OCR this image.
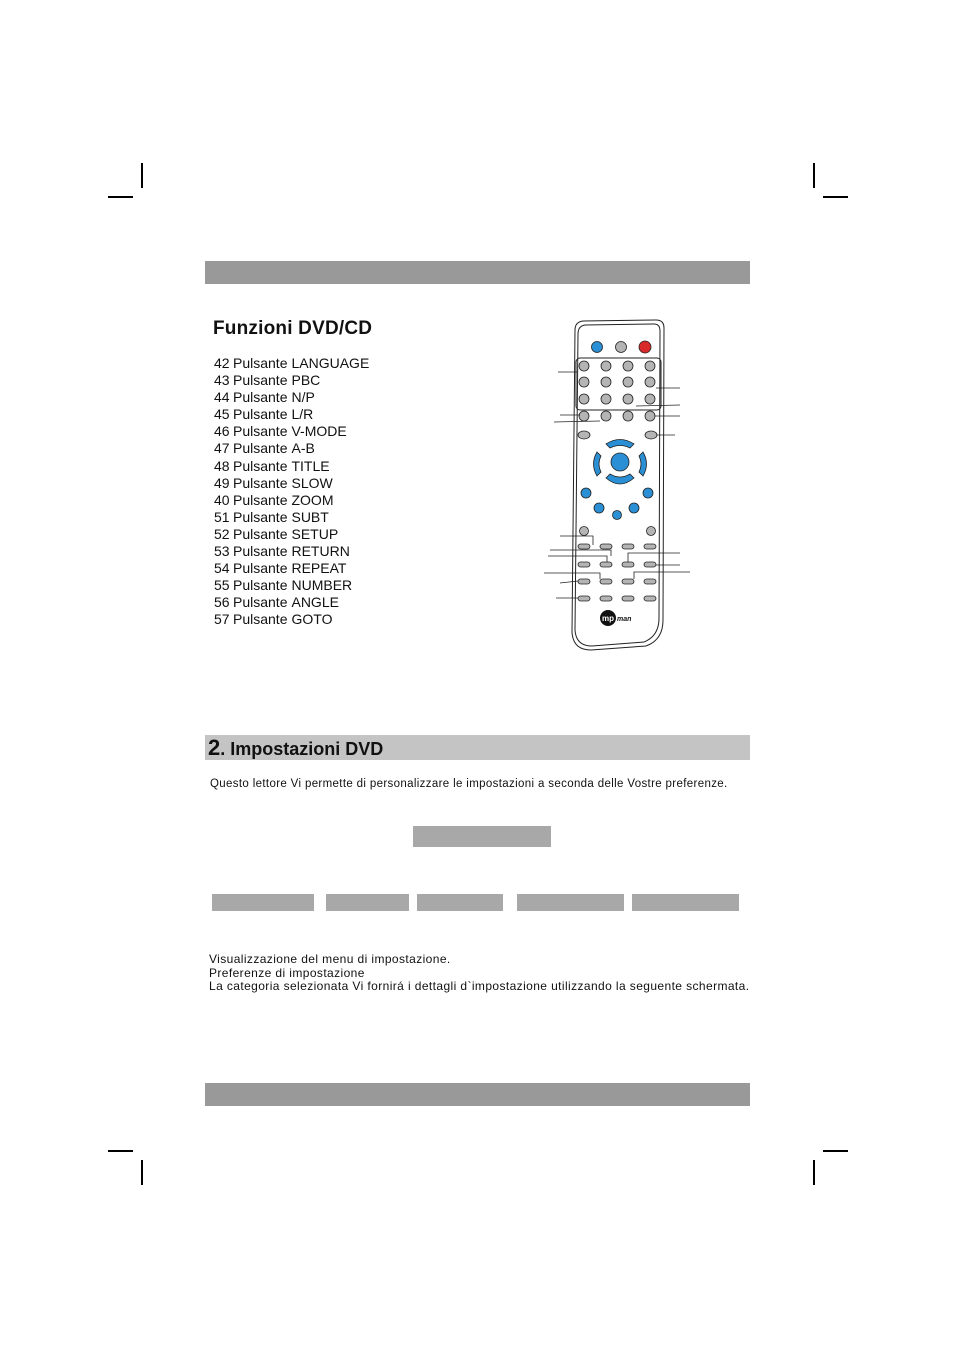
Funzioni DVD/CD
42 Pulsante LANGUAGE
43 Pulsante PBC
44 Pulsante N/P
45 Pulsante L/R
46 Pulsante V-MODE
47 Pulsante A-B
48 Pulsante TITLE
49 Pulsante SLOW
40 Pulsante ZOOM
51 Pulsante SUBT
52 Pulsante SETUP
53 Pulsante RETURN
54 Pulsante REPEAT
55 Pulsante NUMBER
56 Pulsante ANGLE
57 Pulsante GOTO	mp man
2. Impostazioni DVD
Questo lettore Vi permette di personalizzare le impostazioni a seconda delle Vostre preferenze.
Visualizzazione del menu di impostazione.
Preferenze di impostazione
La categoria selezionata Vi fornirá i dettagli d`impostazione utilizzando la seguente schermata.
